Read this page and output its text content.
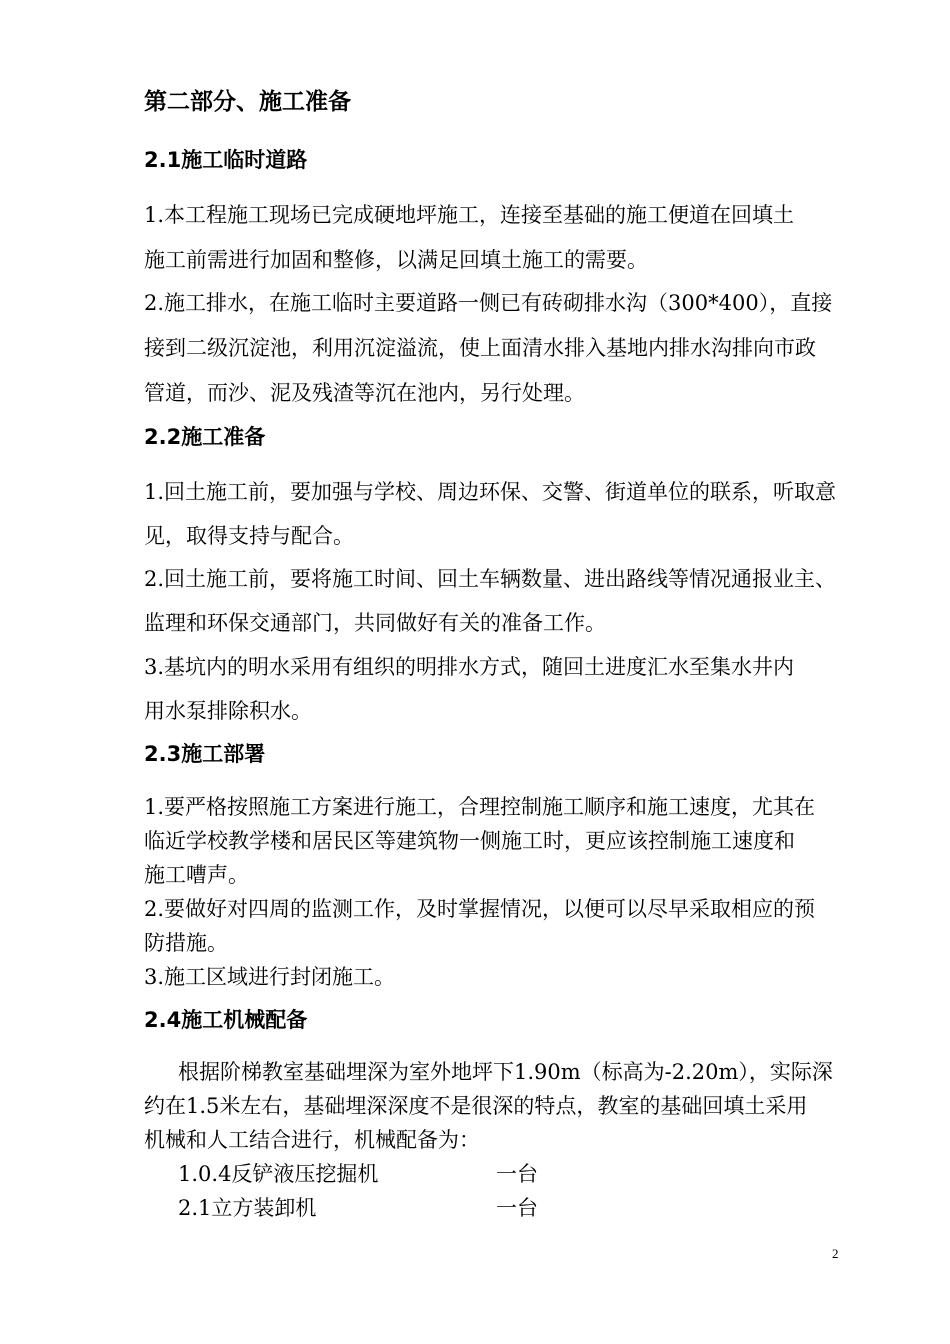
第二部分、施工准备
2.1施工临时道路
1.本工程施工现场已完成硬地坪施工，连接至基础的施工便道在回填土
施工前需进行加固和整修，以满足回填土施工的需要。
2.施工排水，在施工临时主要道路一侧已有砖砌排水沟（300*400），直接
接到二级沉淀池，利用沉淀溢流，使上面清水排入基地内排水沟排向市政
管道，而沙、泥及残渣等沉在池内，另行处理。
2.2施工准备
1.回土施工前，要加强与学校、周边环保、交警、街道单位的联系，听取意
见，取得支持与配合。
2.回土施工前，要将施工时间、回土车辆数量、进出路线等情况通报业主、
监理和环保交通部门，共同做好有关的准备工作。
3.基坑内的明水采用有组织的明排水方式，随回土进度汇水至集水井内
用水泵排除积水。
2.3施工部署
1.要严格按照施工方案进行施工，合理控制施工顺序和施工速度，尤其在
临近学校教学楼和居民区等建筑物一侧施工时，更应该控制施工速度和
施工嘈声。
2.要做好对四周的监测工作，及时掌握情况，以便可以尽早采取相应的预
防措施。
3.施工区域进行封闭施工。
2.4施工机械配备
根据阶梯教室基础埋深为室外地坪下1.90m（标高为-2.20m），实际深
约在1.5米左右，基础埋深深度不是很深的特点，教室的基础回填土采用
机械和人工结合进行，机械配备为：
1.0.4反铲液压挖掘机	一台
2.1立方装卸机	一台
2
